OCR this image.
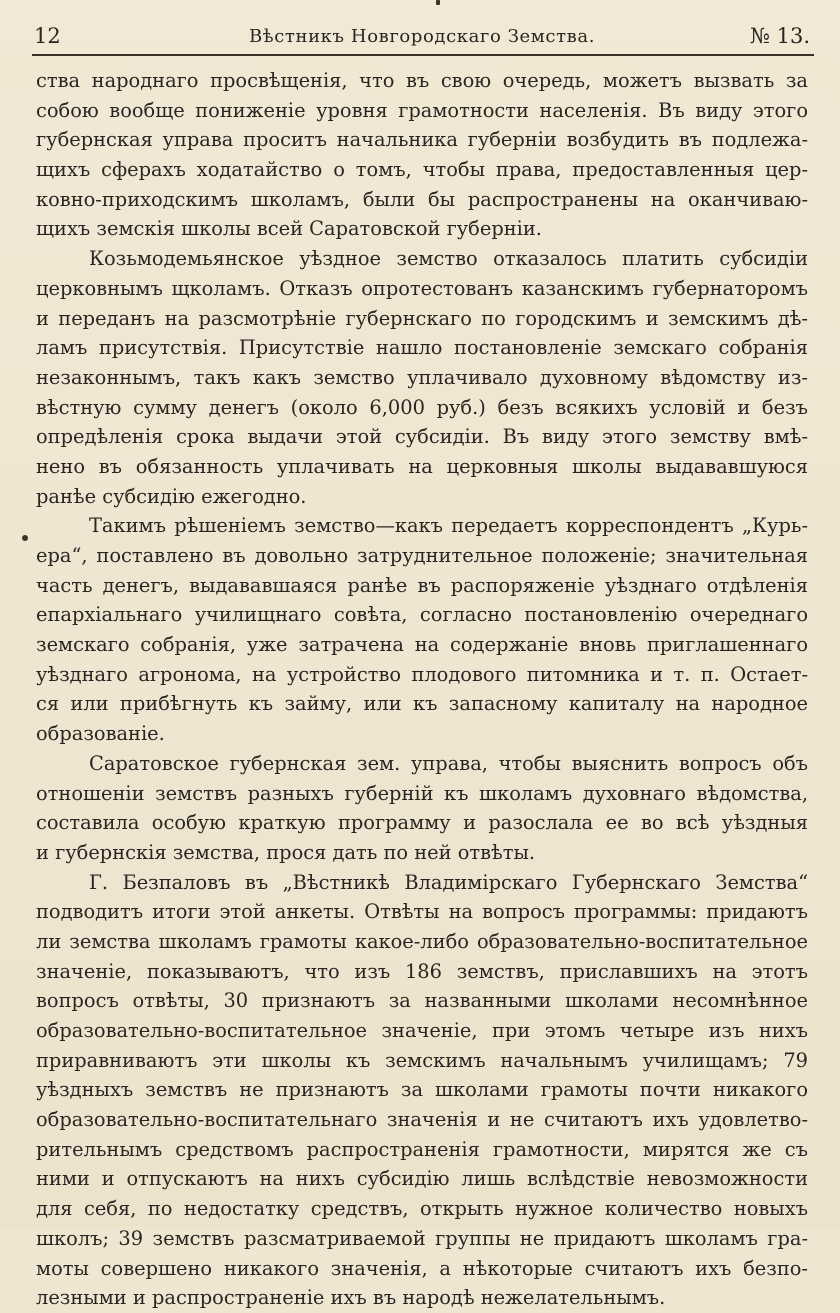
12	Вѣстникъ Новгородскаго Земства.	№ 13.
ства народнаго просвѣщенія, что въ свою очередь, можетъ вызвать за
собою вообще пониженіе уровня грамотности населенія. Въ виду этого
губернская управа проситъ начальника губерніи возбудить въ подлежа-
щихъ сферахъ ходатайство о томъ, чтобы права, предоставленныя цер-
ковно-приходскимъ школамъ, были бы распространены на оканчиваю-
щихъ земскія школы всей Саратовской губерніи.
Козьмодемьянское уѣздное земство отказалось платить субсидіи
церковнымъ щколамъ. Отказъ опротестованъ казанскимъ губернаторомъ
и переданъ на разсмотрѣніе губернскаго по городскимъ и земскимъ дѣ-
ламъ присутствія. Присутствіе нашло постановленіе земскаго собранія
незаконнымъ, такъ какъ земство уплачивало духовному вѣдомству из-
вѣстную сумму денегъ (около 6,000 руб.) безъ всякихъ условій и безъ
опредѣленія срока выдачи этой субсидіи. Въ виду этого земству вмѣ-
нено въ обязанность уплачивать на церковныя школы выдававшуюся
ранѣе субсидію ежегодно.
Такимъ рѣшеніемъ земство—какъ передаетъ корреспондентъ „Курь-
ера“, поставлено въ довольно затруднительное положеніе; значительная
часть денегъ, выдававшаяся ранѣе въ распоряженіе уѣзднаго отдѣленія
епархіальнаго училищнаго совѣта, согласно постановленію очереднаго
земскаго собранія, уже затрачена на содержаніе вновь приглашеннаго
уѣзднаго агронома, на устройство плодового питомника и т. п. Остает-
ся или прибѣгнуть къ займу, или къ запасному капиталу на народное
образованіе.
Саратовское губернская зем. управа, чтобы выяснить вопросъ объ
отношеніи земствъ разныхъ губерній къ школамъ духовнаго вѣдомства,
составила особую краткую программу и разослала ее во всѣ уѣздныя
и губернскія земства, прося дать по ней отвѣты.
Г. Безпаловъ въ „Вѣстникѣ Владимірскаго Губернскаго Земства“
подводитъ итоги этой анкеты. Отвѣты на вопросъ программы: придаютъ
ли земства школамъ грамоты какое-либо образовательно-воспитательное
значеніе, показываютъ, что изъ 186 земствъ, приславшихъ на этотъ
вопросъ отвѣты, 30 признаютъ за названными школами несомнѣнное
образовательно-воспитательное значеніе, при этомъ четыре изъ нихъ
приравниваютъ эти школы къ земскимъ начальнымъ училищамъ; 79
уѣздныхъ земствъ не признаютъ за школами грамоты почти никакого
образовательно-воспитательнаго значенія и не считаютъ ихъ удовлетво-
рительнымъ средствомъ распространенія грамотности, мирятся же съ
ними и отпускаютъ на нихъ субсидію лишь вслѣдствіе невозможности
для себя, по недостатку средствъ, открыть нужное количество новыхъ
школъ; 39 земствъ разсматриваемой группы не придаютъ школамъ гра-
моты совершено никакого значенія, а нѣкоторые считаютъ ихъ безпо-
лезными и распространеніе ихъ въ народѣ нежелательнымъ.
